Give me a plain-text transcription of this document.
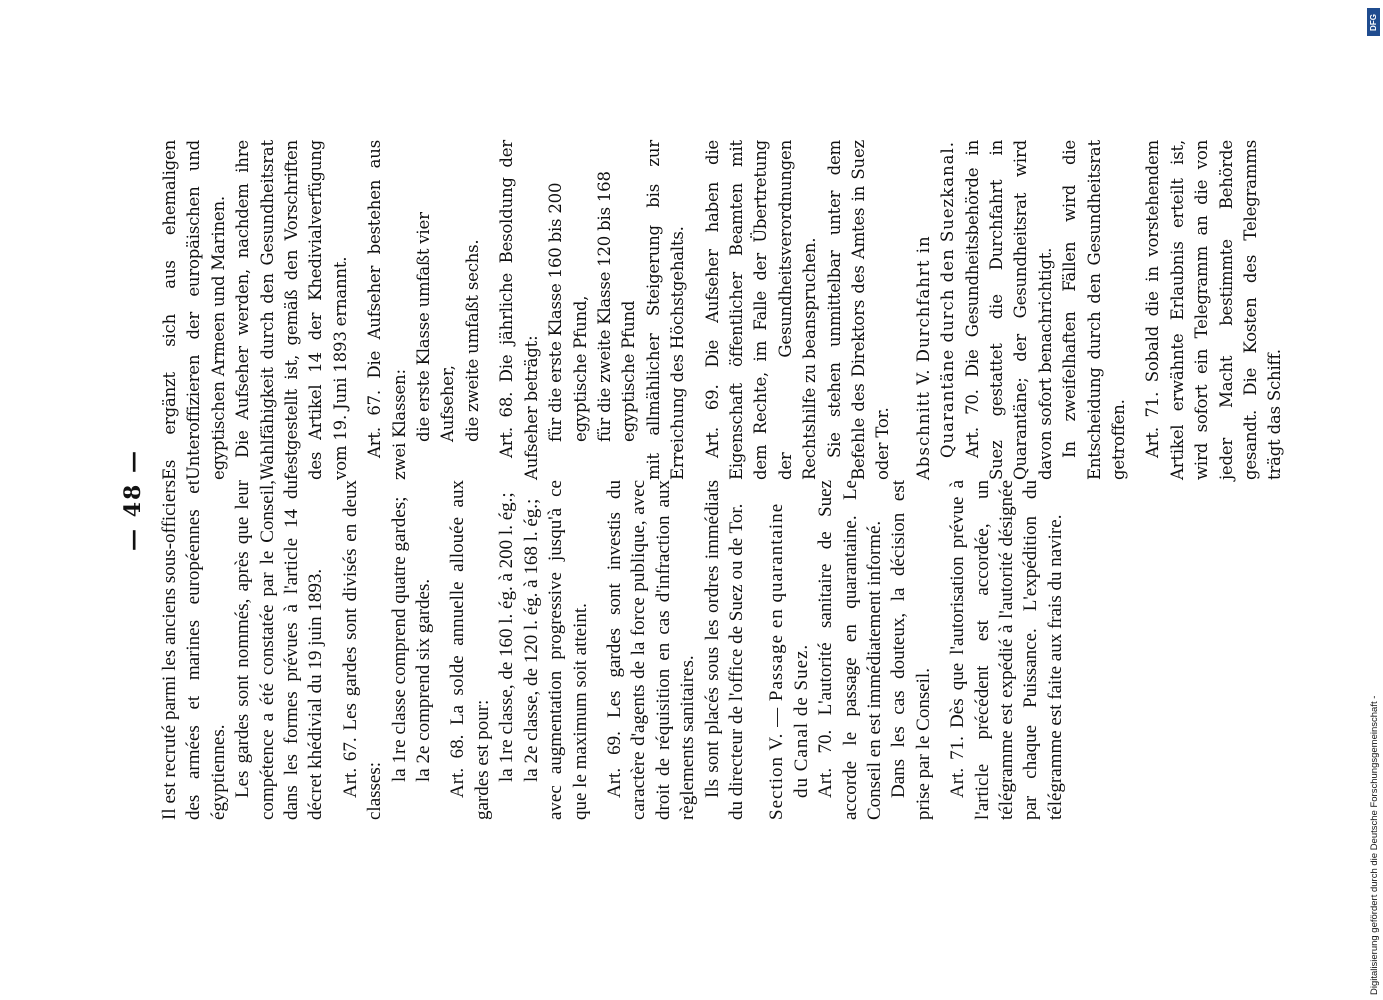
— 48 — Il est recruté parmi les anciens sous-officiers des armées et marines européennes et égyptiennes. Les gardes sont nommés, après que leur compétence a été constatée par le Conseil, dans les formes prévues à l'article 14 du décret khédivial du 19 juin 1893. Art. 67. Les gardes sont divisés en deux classes:

la 1re classe comprend quatre gardes; la 2e comprend six gardes. Art. 68. La solde annuelle allouée aux gardes est pour: la 1re classe, de 160 l. ég. à 200 l. ég.; la 2e classe, de 120 l. ég. à 168 l. ég.; avec augmentation progressive jusqu'à ce que le maximum soit atteint. Art. 69. Les gardes sont investis du caractère d'agents de la force publique, avec droit de réquisition en cas d'infraction aux règlements sanitaires. Ils sont placés sous les ordres immédiats du directeur de l'office de Suez ou de Tor. Section V. — Passage en quarantaine du Canal de Suez. Art. 70. L'autorité sanitaire de Suez accorde le passage en quarantaine. Le Conseil en est immédiatement informé. Dans les cas douteux, la décision est prise par le Conseil. Art. 71. Dès que l'autorisation prévue à l'article précédent est accordée, un télégramme est expédié à l'autorité désignée par chaque Puissance. L'expédition du télégramme est faite aux frais du navire.

Es ergänzt sich aus ehemaligen Unteroffizieren der europäischen und egyptischen Armeen und Marinen. Die Aufseher werden, nachdem ihre Wahlfähigkeit durch den Gesundheitsrat festgestellt ist, gemäß den Vorschriften des Artikel 14 der Khedivialverfügung vom 19. Juni 1893 ernannt. Art. 67. Die Aufseher bestehen aus zwei Klassen: die erste Klasse umfaßt vier Aufseher, die zweite umfaßt sechs. Art. 68. Die jährliche Besoldung der Aufseher beträgt: für die erste Klasse 160 bis 200 egyptische Pfund, für die zweite Klasse 120 bis 168 egyptische Pfund mit allmählicher Steigerung bis zur Erreichung des Höchstgehalts. Art. 69. Die Aufseher haben die Eigenschaft öffentlicher Beamten mit dem Rechte, im Falle der Übertretung der Gesundheitsverordnungen Rechtshilfe zu beanspruchen. Sie stehen unmittelbar unter dem Befehle des Direktors des Amtes in Suez oder Tor. Abschnitt V. Durchfahrt in Quarantäne durch den Suezkanal. Art. 70. Die Gesundheitsbehörde in Suez gestattet die Durchfahrt in Quarantäne; der Gesundheitsrat wird davon sofort benachrichtigt. In zweifelhaften Fällen wird die Entscheidung durch den Gesundheitsrat getroffen. Art. 71. Sobald die in vorstehendem Artikel erwähnte Erlaubnis erteilt ist, wird sofort ein Telegramm an die von jeder Macht bestimmte Behörde gesandt. Die Kosten des Telegramms trägt das Schiff.

DFG
Digitalisierung gefördert durch die Deutsche Forschungsgemeinschaft -
